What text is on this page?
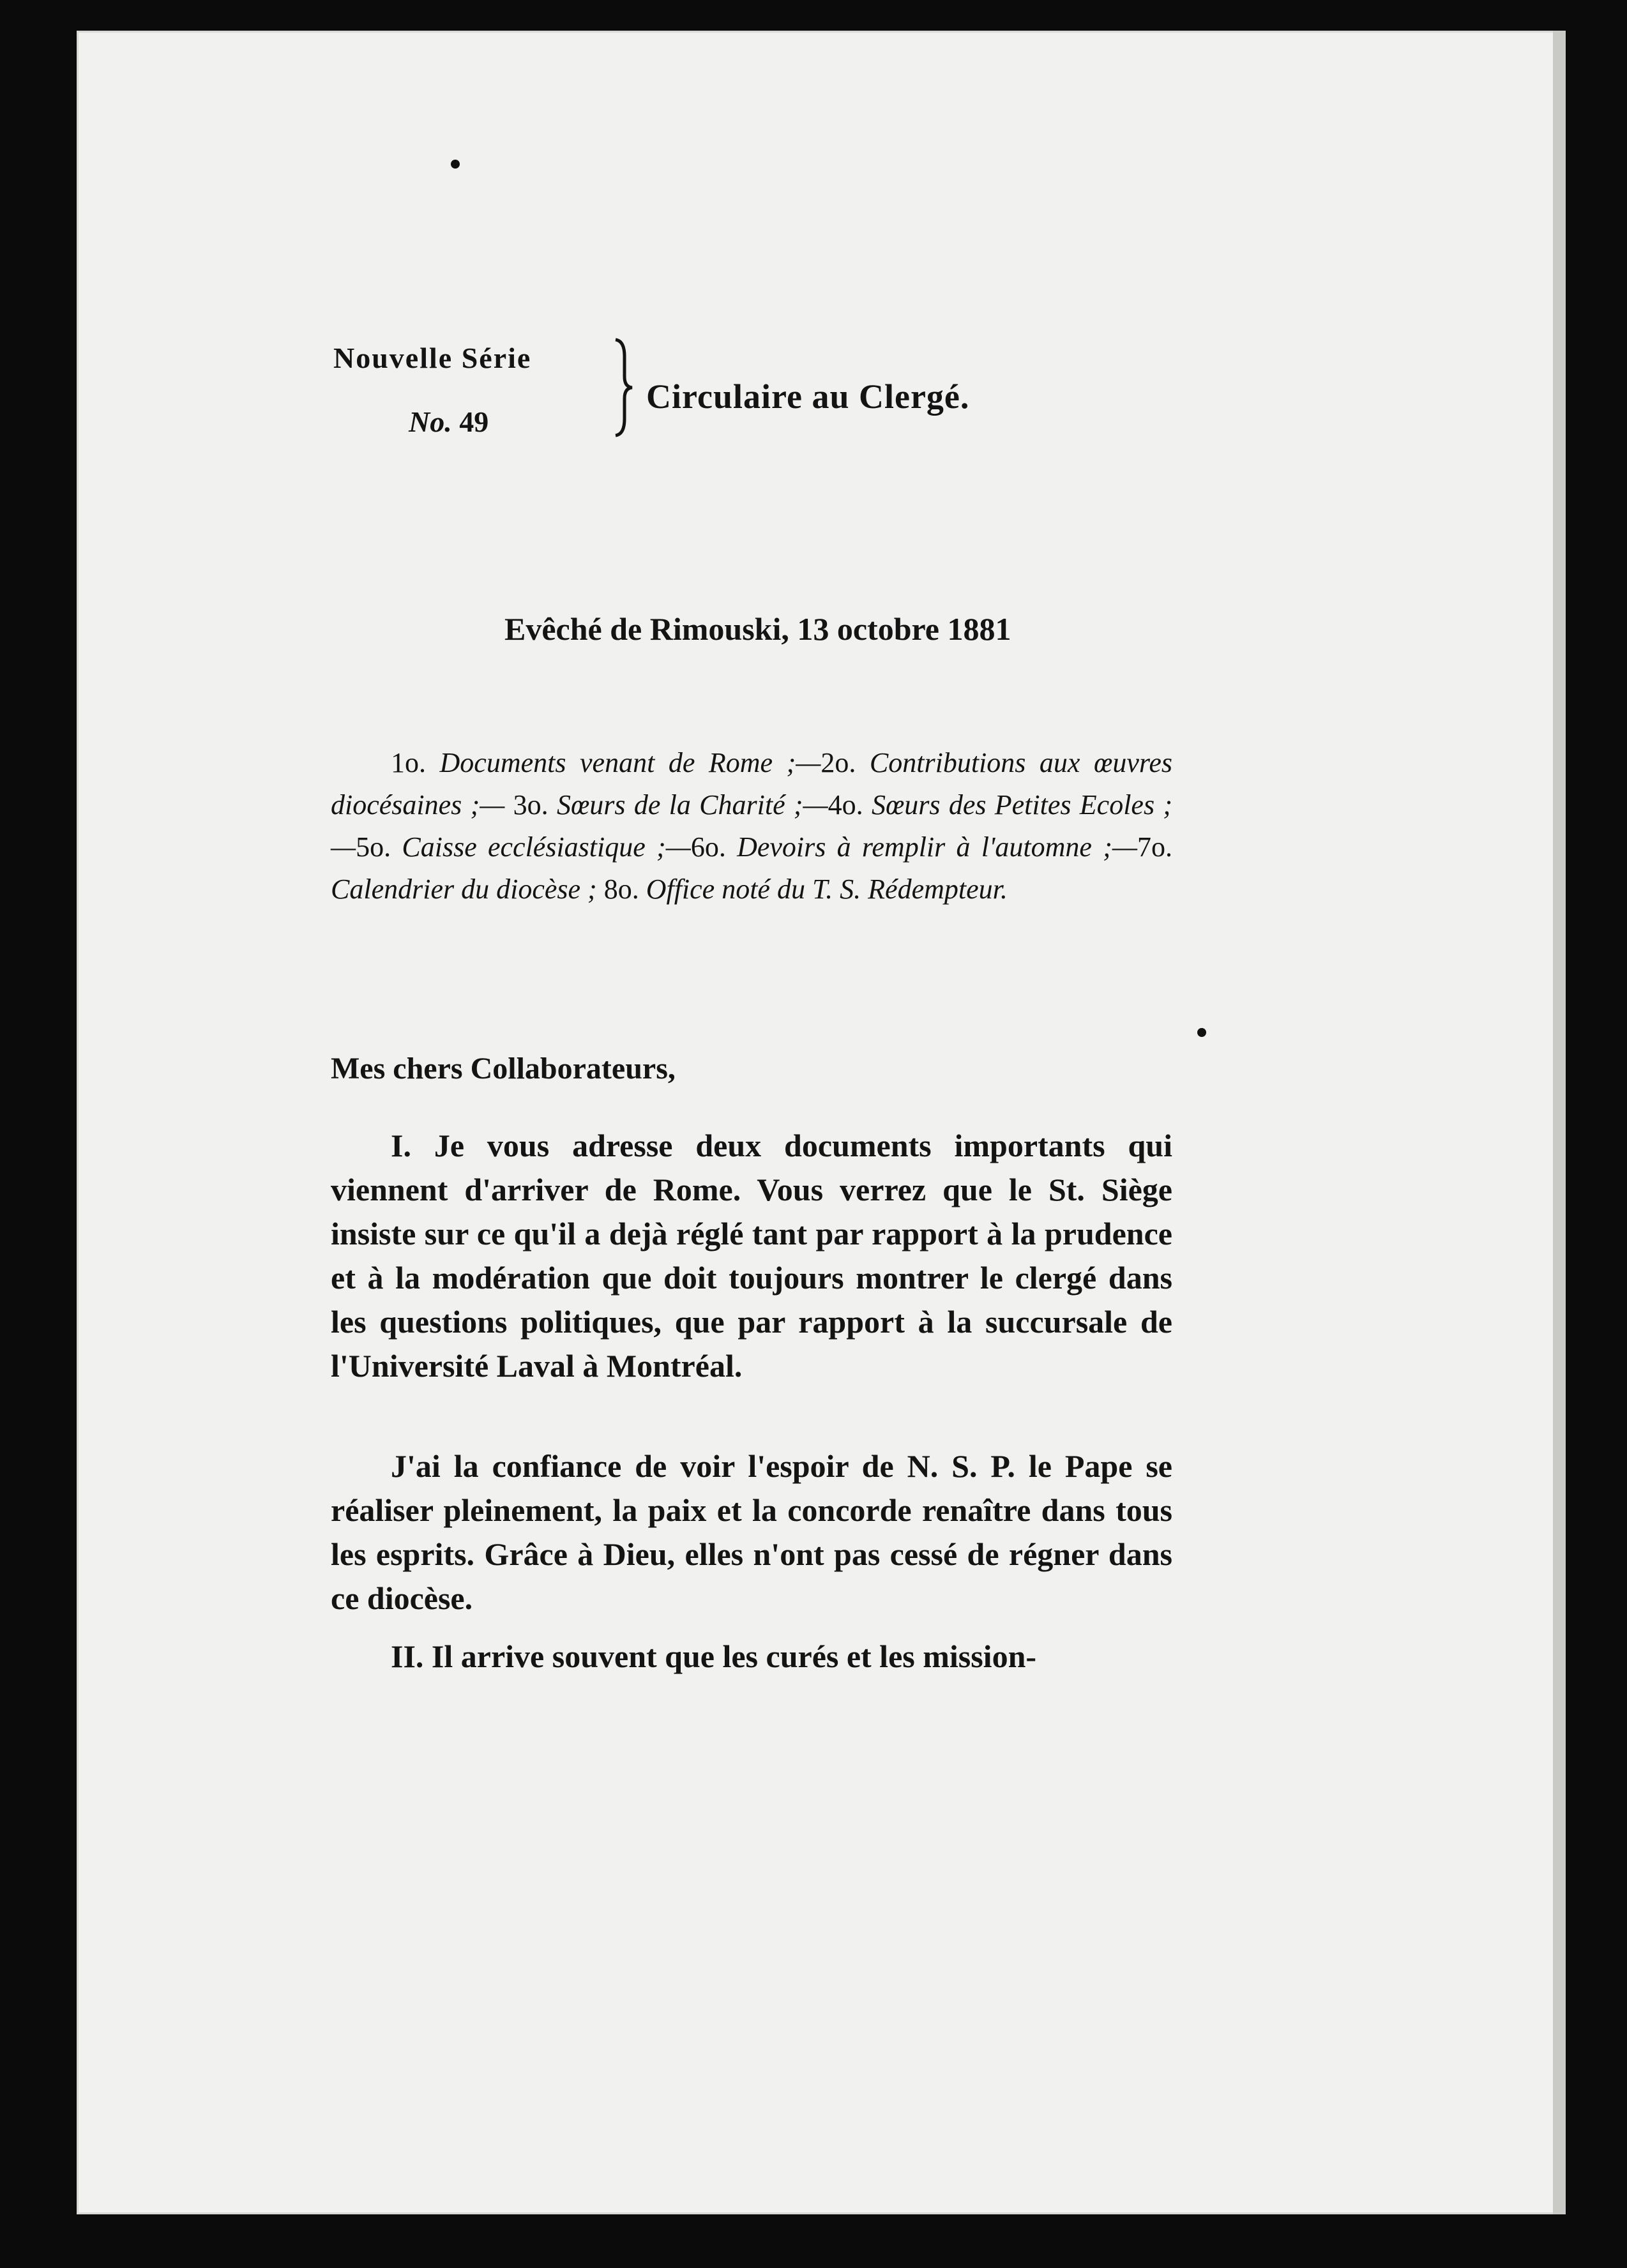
Nouvelle Série
No. 49
Circulaire au Clergé.
Evêché de Rimouski, 13 octobre 1881
1o. Documents venant de Rome ;—2o. Contributions aux œuvres diocésaines ;— 3o. Sœurs de la Charité ;—4o. Sœurs des Petites Ecoles ;—5o. Caisse ecclésiastique ;—6o. Devoirs à remplir à l'automne ;—7o. Calendrier du diocèse ; 8o. Office noté du T. S. Rédempteur.
Mes chers Collaborateurs,
I. Je vous adresse deux documents importants qui viennent d'arriver de Rome. Vous verrez que le St. Siège insiste sur ce qu'il a dejà réglé tant par rapport à la prudence et à la modération que doit toujours montrer le clergé dans les questions politiques, que par rapport à la succursale de l'Université Laval à Montréal.
J'ai la confiance de voir l'espoir de N. S. P. le Pape se réaliser pleinement, la paix et la concorde renaître dans tous les esprits. Grâce à Dieu, elles n'ont pas cessé de régner dans ce diocèse.
II. Il arrive souvent que les curés et les mission-
